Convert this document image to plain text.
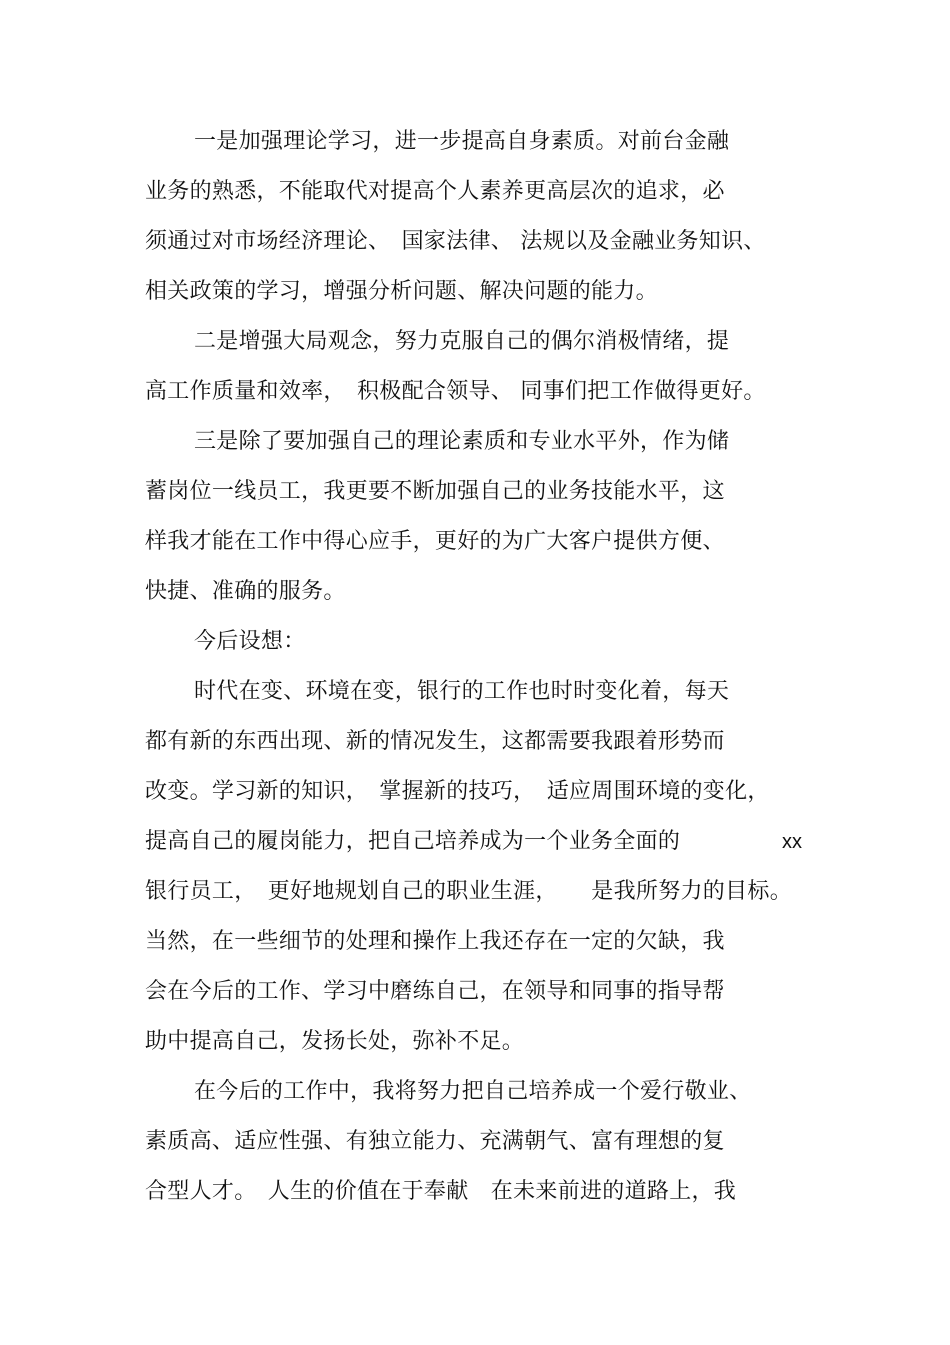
一是加强理论学习，进一步提高自身素质。对前台金融
业务的熟悉，不能取代对提高个人素养更高层次的追求，必
须通过对市场经济理论、　国家法律、 法规以及金融业务知识、
相关政策的学习，增强分析问题、解决问题的能力。
二是增强大局观念，努力克服自己的偶尔消极情绪，提
高工作质量和效率，　积极配合领导、 同事们把工作做得更好。
三是除了要加强自己的理论素质和专业水平外，作为储
蓄岗位一线员工，我更要不断加强自己的业务技能水平，这
样我才能在工作中得心应手，更好的为广大客户提供方便、
快捷、准确的服务。
今后设想：
时代在变、环境在变，银行的工作也时时变化着，每天
都有新的东西出现、新的情况发生，这都需要我跟着形势而
改变。学习新的知识，　掌握新的技巧，　适应周围环境的变化，
提高自己的履岗能力，把自己培养成为一个业务全面的	xx
银行员工，　更好地规划自己的职业生涯，　　是我所努力的目标。
当然，在一些细节的处理和操作上我还存在一定的欠缺，我
会在今后的工作、学习中磨练自己，在领导和同事的指导帮
助中提高自己，发扬长处，弥补不足。
在今后的工作中，我将努力把自己培养成一个爱行敬业、
素质高、适应性强、有独立能力、充满朝气、富有理想的复
合型人才。　人生的价值在于奉献　在未来前进的道路上，我
